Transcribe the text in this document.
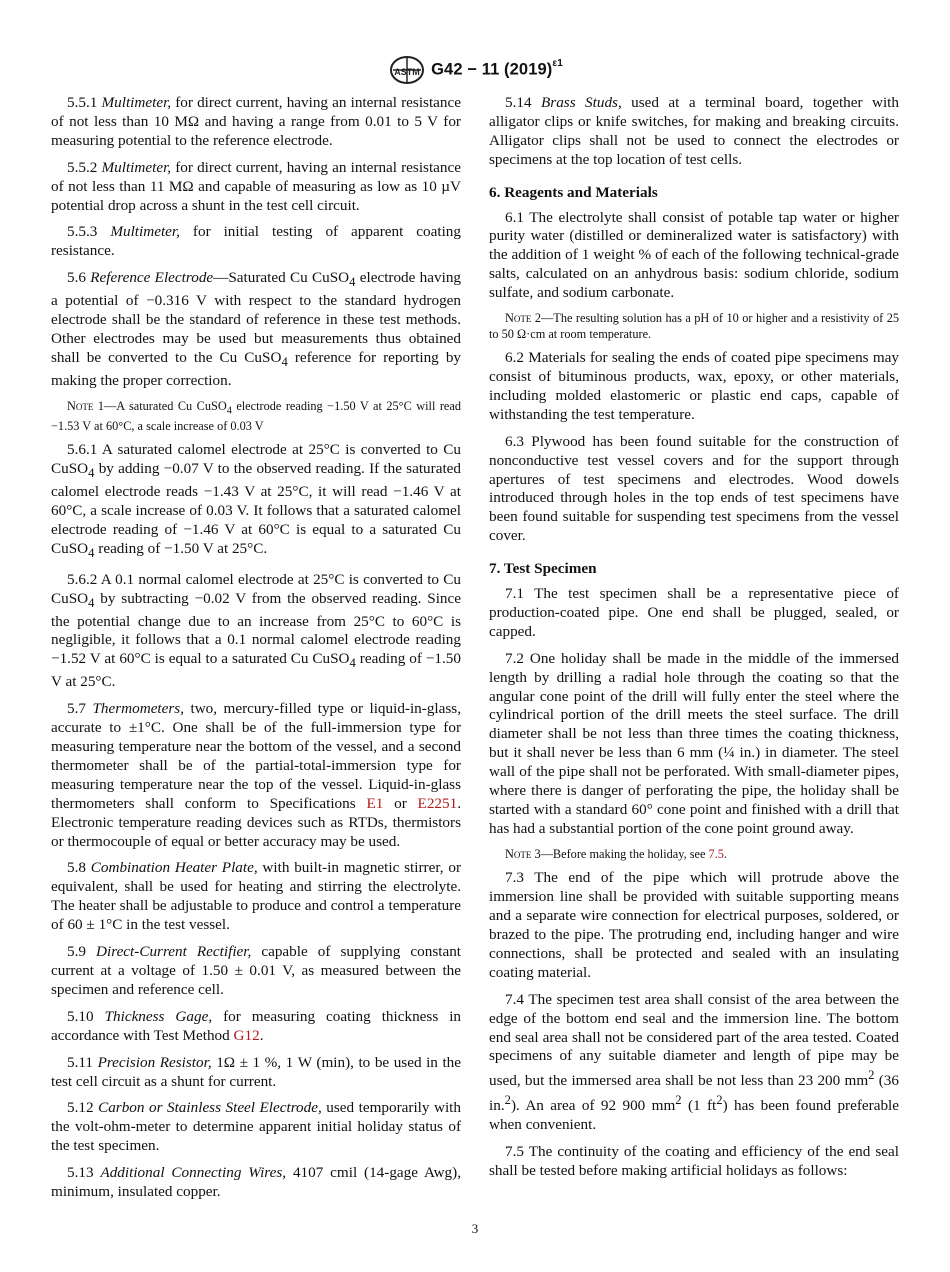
ASTM G42 − 11 $(2019)^{\varepsilon 1}$

5.5.1 Multimeter, for direct current, having an internal resistance of not less than 10 MΩ and having a range from 0.01 to 5 V for measuring potential to the reference electrode.

5.5.2 Multimeter, for direct current, having an internal resistance of not less than 11 MΩ and capable of measuring as low as 10 µV potential drop across a shunt in the test cell circuit.

5.5.3 Multimeter, for initial testing of apparent coating resistance.

5.6 Reference Electrode—Saturated Cu CuSO$_4$ electrode having a potential of −0.316 V with respect to the standard hydrogen electrode shall be the standard of reference in these test methods. Other electrodes may be used but measurements thus obtained shall be converted to the Cu CuSO$_4$ reference for reporting by making the proper correction.

Note 1—A saturated Cu CuSO$_4$ electrode reading −1.50 V at 25°C will read −1.53 V at 60°C, a scale increase of 0.03 V

5.6.1 A saturated calomel electrode at 25°C is converted to Cu CuSO$_4$ by adding −0.07 V to the observed reading. If the saturated calomel electrode reads −1.43 V at 25°C, it will read −1.46 V at 60°C, a scale increase of 0.03 V. It follows that a saturated calomel electrode reading of −1.46 V at 60°C is equal to a saturated Cu CuSO$_4$ reading of −1.50 V at 25°C.

5.6.2 A 0.1 normal calomel electrode at 25°C is converted to Cu CuSO$_4$ by subtracting −0.02 V from the observed reading. Since the potential change due to an increase from 25°C to 60°C is negligible, it follows that a 0.1 normal calomel electrode reading −1.52 V at 60°C is equal to a saturated Cu CuSO$_4$ reading of −1.50 V at 25°C.

5.7 Thermometers, two, mercury-filled type or liquid-in-glass, accurate to ±1°C. One shall be of the full-immersion type for measuring temperature near the bottom of the vessel, and a second thermometer shall be of the partial-total-immersion type for measuring temperature near the top of the vessel. Liquid-in-glass thermometers shall conform to Specifications E1 or E2251. Electronic temperature reading devices such as RTDs, thermistors or thermocouple of equal or better accuracy may be used.

5.8 Combination Heater Plate, with built-in magnetic stirrer, or equivalent, shall be used for heating and stirring the electrolyte. The heater shall be adjustable to produce and control a temperature of 60 ± 1°C in the test vessel.

5.9 Direct-Current Rectifier, capable of supplying constant current at a voltage of 1.50 ± 0.01 V, as measured between the specimen and reference cell.

5.10 Thickness Gage, for measuring coating thickness in accordance with Test Method G12.

5.11 Precision Resistor, 1Ω ± 1 %, 1 W (min), to be used in the test cell circuit as a shunt for current.

5.12 Carbon or Stainless Steel Electrode, used temporarily with the volt-ohm-meter to determine apparent initial holiday status of the test specimen.

5.13 Additional Connecting Wires, 4107 cmil (14-gage Awg), minimum, insulated copper.

5.14 Brass Studs, used at a terminal board, together with alligator clips or knife switches, for making and breaking circuits. Alligator clips shall not be used to connect the electrodes or specimens at the top location of test cells.

6. Reagents and Materials

6.1 The electrolyte shall consist of potable tap water or higher purity water (distilled or demineralized water is satisfactory) with the addition of 1 weight % of each of the following technical-grade salts, calculated on an anhydrous basis: sodium chloride, sodium sulfate, and sodium carbonate.

Note 2—The resulting solution has a pH of 10 or higher and a resistivity of 25 to 50 Ω·cm at room temperature.

6.2 Materials for sealing the ends of coated pipe specimens may consist of bituminous products, wax, epoxy, or other materials, including molded elastomeric or plastic end caps, capable of withstanding the test temperature.

6.3 Plywood has been found suitable for the construction of nonconductive test vessel covers and for the support through apertures of test specimens and electrodes. Wood dowels introduced through holes in the top ends of test specimens have been found suitable for suspending test specimens from the vessel cover.

7. Test Specimen

7.1 The test specimen shall be a representative piece of production-coated pipe. One end shall be plugged, sealed, or capped.

7.2 One holiday shall be made in the middle of the immersed length by drilling a radial hole through the coating so that the angular cone point of the drill will fully enter the steel where the cylindrical portion of the drill meets the steel surface. The drill diameter shall be not less than three times the coating thickness, but it shall never be less than 6 mm (¼ in.) in diameter. The steel wall of the pipe shall not be perforated. With small-diameter pipes, where there is danger of perforating the pipe, the holiday shall be started with a standard 60° cone point and finished with a drill that has had a substantial portion of the cone point ground away.

Note 3—Before making the holiday, see 7.5.

7.3 The end of the pipe which will protrude above the immersion line shall be provided with suitable supporting means and a separate wire connection for electrical purposes, soldered, or brazed to the pipe. The protruding end, including hanger and wire connections, shall be protected and sealed with an insulating coating material.

7.4 The specimen test area shall consist of the area between the edge of the bottom end seal and the immersion line. The bottom end seal area shall not be considered part of the area tested. Coated specimens of any suitable diameter and length of pipe may be used, but the immersed area shall be not less than 23 200 $mm^2$ (36 in.$^2$). An area of 92 900 $mm^2$ (1 $ft^2$) has been found preferable when convenient.

7.5 The continuity of the coating and efficiency of the end seal shall be tested before making artificial holidays as follows:

3
